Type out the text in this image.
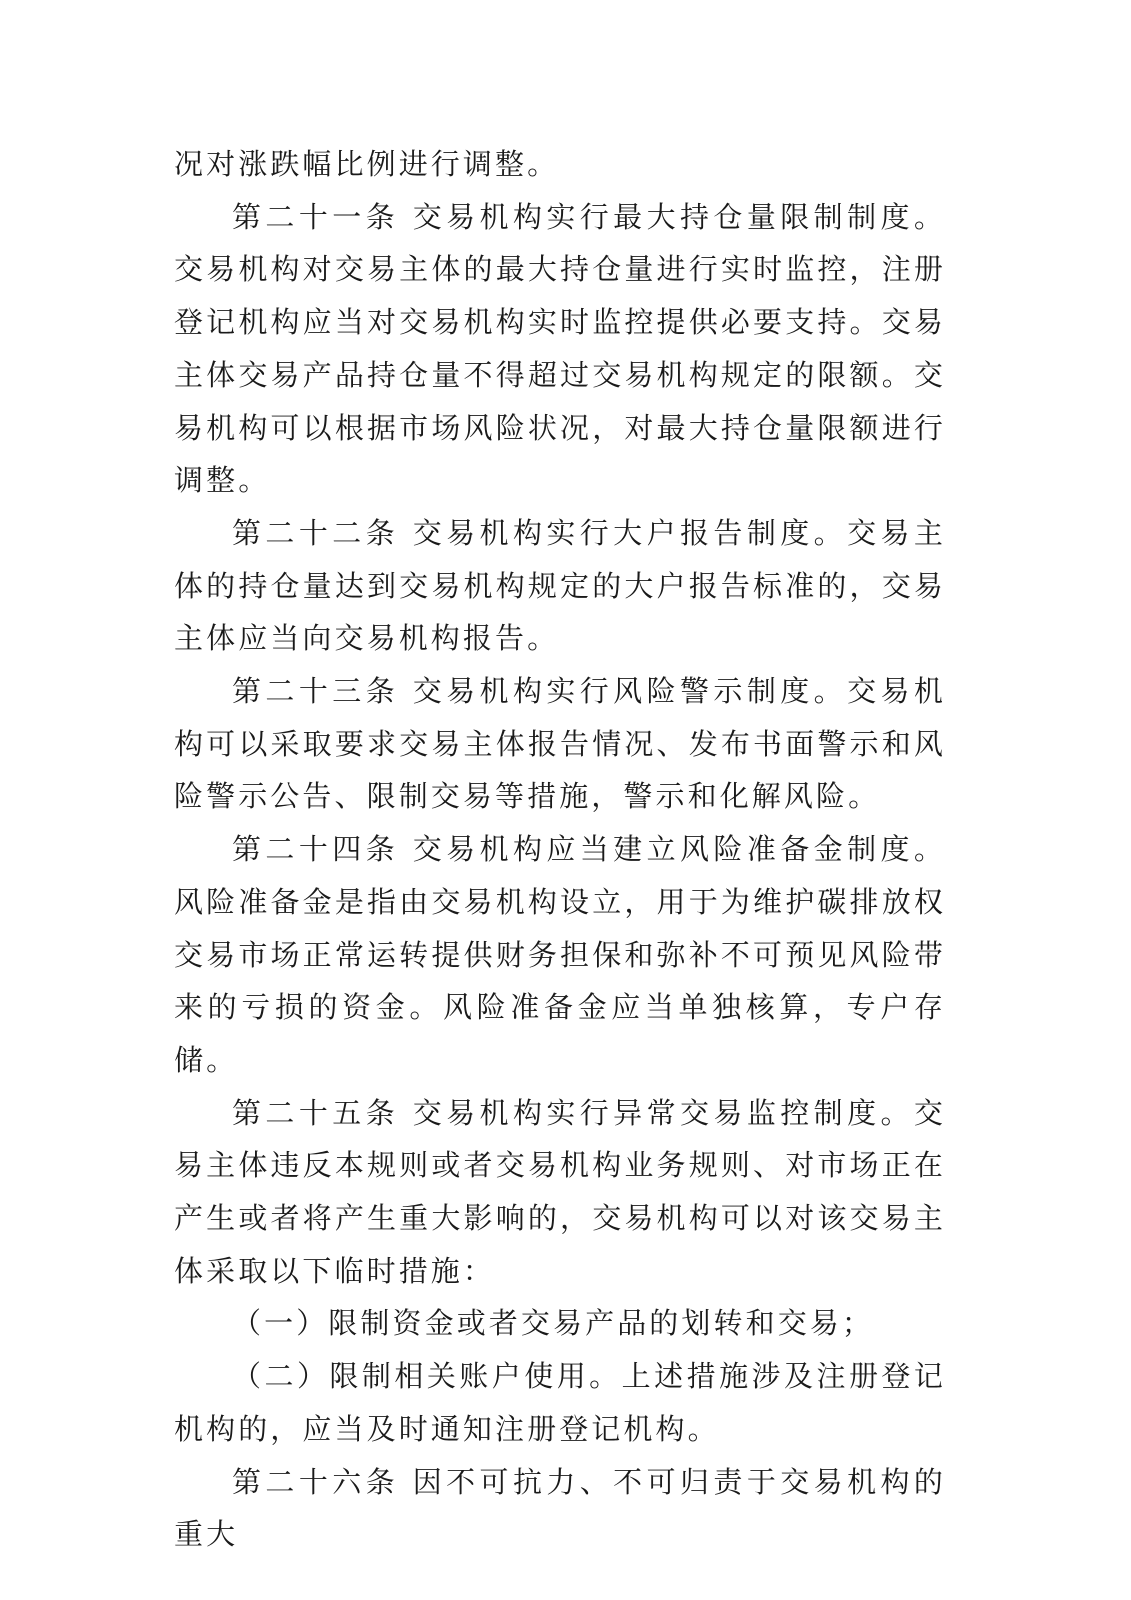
况对涨跌幅比例进行调整。

第二十一条 交易机构实行最大持仓量限制制度。交易机构对交易主体的最大持仓量进行实时监控，注册登记机构应当对交易机构实时监控提供必要支持。交易主体交易产品持仓量不得超过交易机构规定的限额。交易机构可以根据市场风险状况，对最大持仓量限额进行调整。

第二十二条 交易机构实行大户报告制度。交易主体的持仓量达到交易机构规定的大户报告标准的，交易主体应当向交易机构报告。

第二十三条 交易机构实行风险警示制度。交易机构可以采取要求交易主体报告情况、发布书面警示和风险警示公告、限制交易等措施，警示和化解风险。

第二十四条 交易机构应当建立风险准备金制度。风险准备金是指由交易机构设立，用于为维护碳排放权交易市场正常运转提供财务担保和弥补不可预见风险带来的亏损的资金。风险准备金应当单独核算，专户存储。

第二十五条 交易机构实行异常交易监控制度。交易主体违反本规则或者交易机构业务规则、对市场正在产生或者将产生重大影响的，交易机构可以对该交易主体采取以下临时措施：

（一）限制资金或者交易产品的划转和交易；

（二）限制相关账户使用。上述措施涉及注册登记机构的，应当及时通知注册登记机构。

第二十六条 因不可抗力、不可归责于交易机构的重大
